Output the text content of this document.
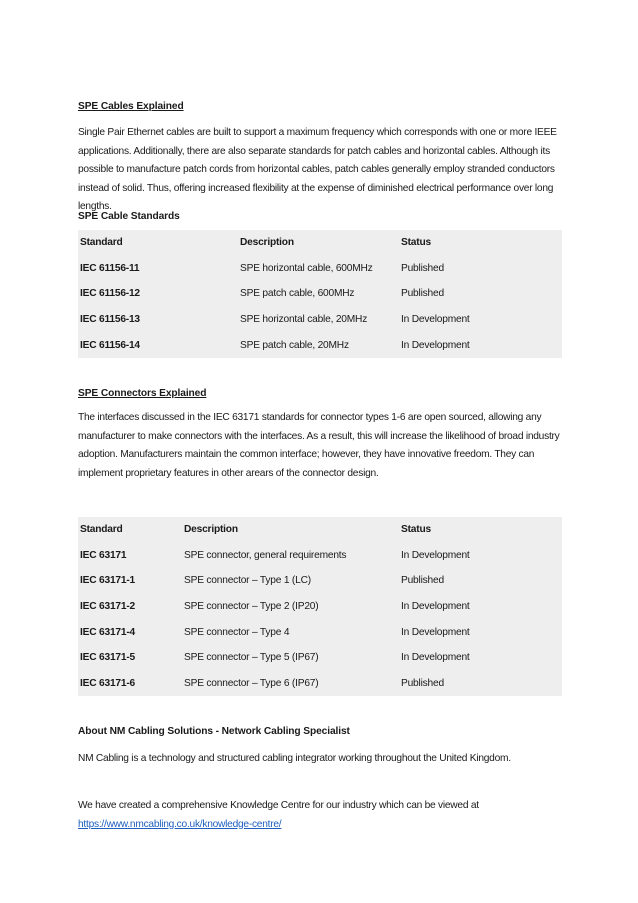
SPE Cables Explained

Single Pair Ethernet cables are built to support a maximum frequency which corresponds with one or more IEEE applications. Additionally, there are also separate standards for patch cables and horizontal cables. Although its possible to manufacture patch cords from horizontal cables, patch cables generally employ stranded conductors instead of solid. Thus, offering increased flexibility at the expense of diminished electrical performance over long lengths.

SPE Cable Standards
Standard	Description	Status
IEC 61156-11	SPE horizontal cable, 600MHz	Published
IEC 61156-12	SPE patch cable, 600MHz	Published
IEC 61156-13	SPE horizontal cable, 20MHz	In Development
IEC 61156-14	SPE patch cable, 20MHz	In Development
SPE Connectors Explained

The interfaces discussed in the IEC 63171 standards for connector types 1-6 are open sourced, allowing any manufacturer to make connectors with the interfaces. As a result, this will increase the likelihood of broad industry adoption. Manufacturers maintain the common interface; however, they have innovative freedom. They can implement proprietary features in other arears of the connector design.

Standard	Description	Status
IEC 63171	SPE connector, general requirements	In Development
IEC 63171-1	SPE connector – Type 1 (LC)	Published
IEC 63171-2	SPE connector – Type 2 (IP20)	In Development
IEC 63171-4	SPE connector – Type 4	In Development
IEC 63171-5	SPE connector – Type 5 (IP67)	In Development
IEC 63171-6	SPE connector – Type 6 (IP67)	Published
About NM Cabling Solutions - Network Cabling Specialist

NM Cabling is a technology and structured cabling integrator working throughout the United Kingdom.

We have created a comprehensive Knowledge Centre for our industry which can be viewed at https://www.nmcabling.co.uk/knowledge-centre/
